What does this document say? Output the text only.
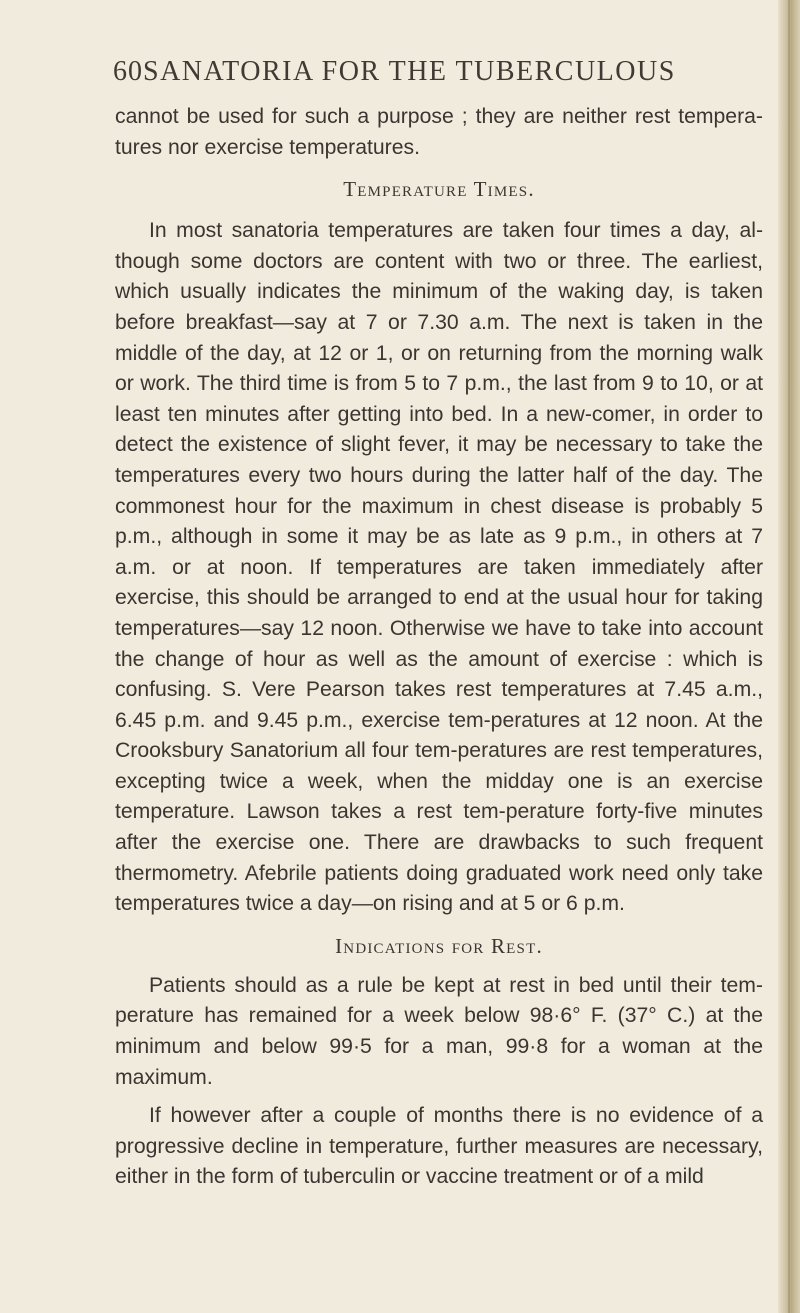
60 SANATORIA FOR THE TUBERCULOUS

cannot be used for such a purpose ; they are neither rest tempera-tures nor exercise temperatures.

Temperature Times.

In most sanatoria temperatures are taken four times a day, al-though some doctors are content with two or three. The earliest, which usually indicates the minimum of the waking day, is taken before breakfast—say at 7 or 7.30 a.m. The next is taken in the middle of the day, at 12 or 1, or on returning from the morning walk or work. The third time is from 5 to 7 p.m., the last from 9 to 10, or at least ten minutes after getting into bed. In a new-comer, in order to detect the existence of slight fever, it may be necessary to take the temperatures every two hours during the latter half of the day. The commonest hour for the maximum in chest disease is probably 5 p.m., although in some it may be as late as 9 p.m., in others at 7 a.m. or at noon. If temperatures are taken immediately after exercise, this should be arranged to end at the usual hour for taking temperatures—say 12 noon. Otherwise we have to take into account the change of hour as well as the amount of exercise : which is confusing. S. Vere Pearson takes rest temperatures at 7.45 a.m., 6.45 p.m. and 9.45 p.m., exercise tem-peratures at 12 noon. At the Crooksbury Sanatorium all four tem-peratures are rest temperatures, excepting twice a week, when the midday one is an exercise temperature. Lawson takes a rest tem-perature forty-five minutes after the exercise one. There are drawbacks to such frequent thermometry. Afebrile patients doing graduated work need only take temperatures twice a day—on rising and at 5 or 6 p.m.

Indications for Rest.

Patients should as a rule be kept at rest in bed until their tem-perature has remained for a week below 98·6° F. (37° C.) at the minimum and below 99·5 for a man, 99·8 for a woman at the maximum.

If however after a couple of months there is no evidence of a progressive decline in temperature, further measures are necessary, either in the form of tuberculin or vaccine treatment or of a mild
